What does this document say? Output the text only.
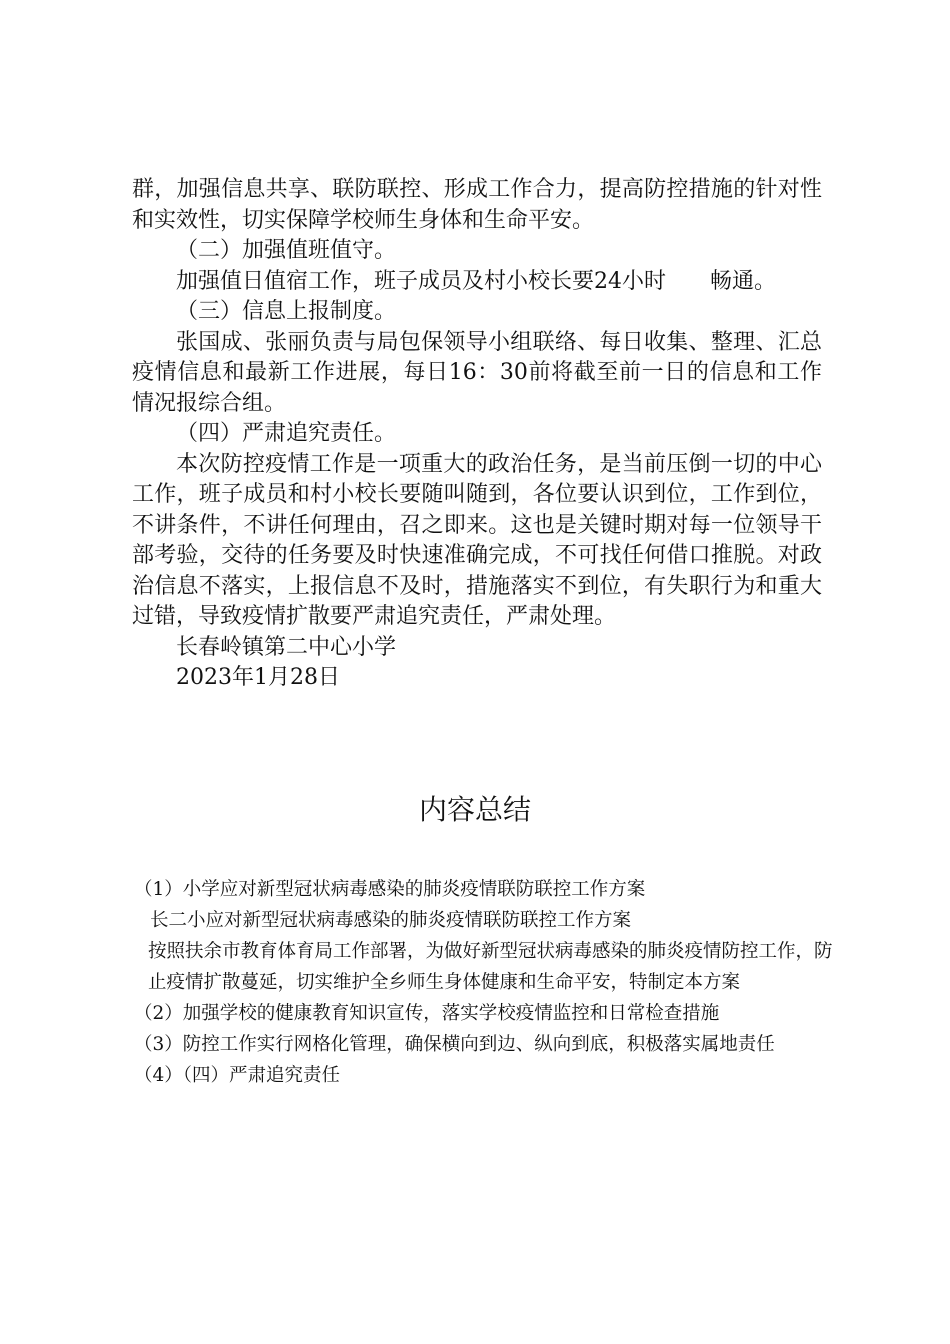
群，加强信息共享、联防联控、形成工作合力，提高防控措施的针对性和实效性，切实保障学校师生身体和生命平安。

（二）加强值班值守。

加强值日值宿工作，班子成员及村小校长要24小时　　畅通。

（三）信息上报制度。

张国成、张丽负责与局包保领导小组联络、每日收集、整理、汇总疫情信息和最新工作进展，每日16：30前将截至前一日的信息和工作情况报综合组。

（四）严肃追究责任。

本次防控疫情工作是一项重大的政治任务，是当前压倒一切的中心工作，班子成员和村小校长要随叫随到，各位要认识到位，工作到位，不讲条件，不讲任何理由，召之即来。这也是关键时期对每一位领导干部考验，交待的任务要及时快速准确完成，不可找任何借口推脱。对政治信息不落实，上报信息不及时，措施落实不到位，有失职行为和重大过错，导致疫情扩散要严肃追究责任，严肃处理。

长春岭镇第二中心小学

2023年1月28日

内容总结

（1）小学应对新型冠状病毒感染的肺炎疫情联防联控工作方案

长二小应对新型冠状病毒感染的肺炎疫情联防联控工作方案

按照扶余市教育体育局工作部署，为做好新型冠状病毒感染的肺炎疫情防控工作，防止疫情扩散蔓延，切实维护全乡师生身体健康和生命平安，特制定本方案

（2）加强学校的健康教育知识宣传，落实学校疫情监控和日常检查措施

（3）防控工作实行网格化管理，确保横向到边、纵向到底，积极落实属地责任

（4）（四）严肃追究责任
